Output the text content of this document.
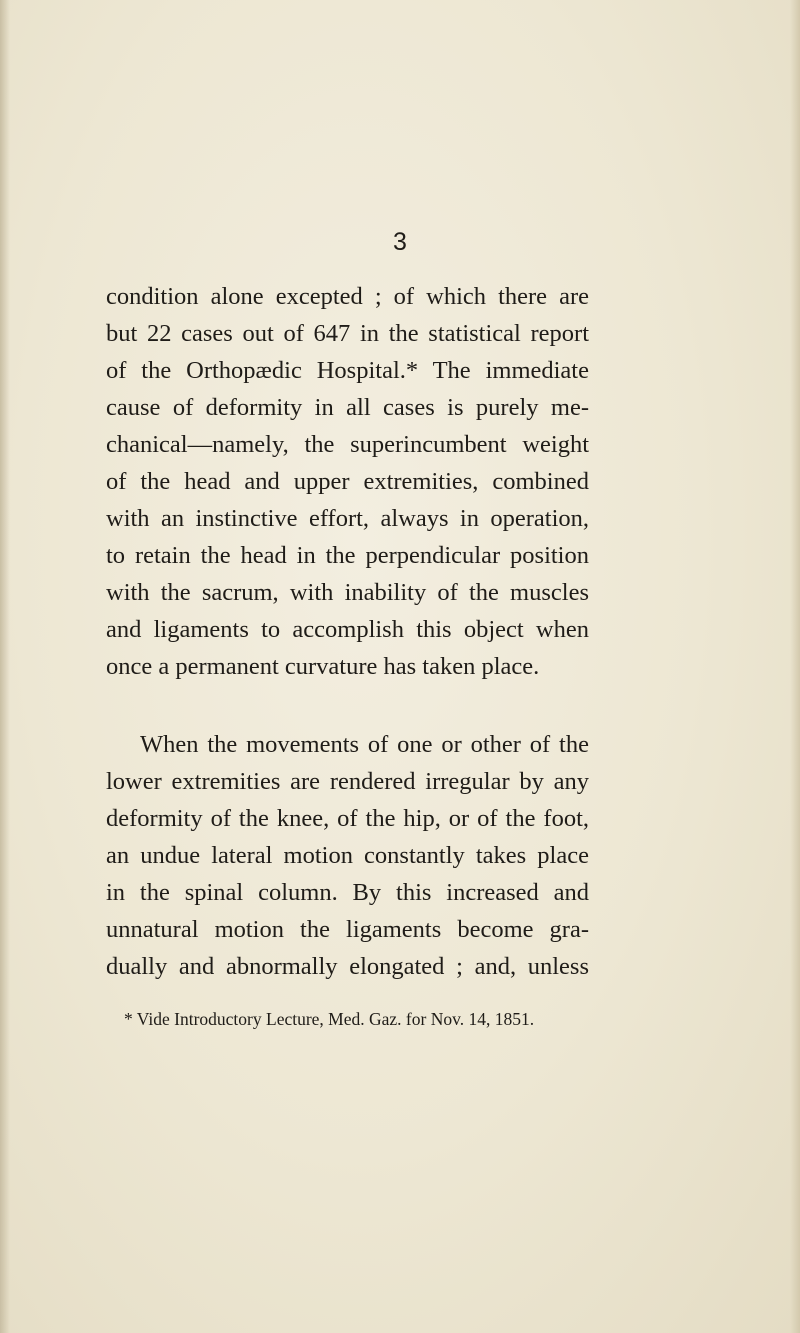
3
condition alone excepted ; of which there are
but 22 cases out of 647 in the statistical report
of the Orthopædic Hospital.* The immediate
cause of deformity in all cases is purely me-
chanical—namely, the superincumbent weight
of the head and upper extremities, combined
with an instinctive effort, always in operation,
to retain the head in the perpendicular position
with the sacrum, with inability of the muscles
and ligaments to accomplish this object when
once a permanent curvature has taken place.
When the movements of one or other of the
lower extremities are rendered irregular by any
deformity of the knee, of the hip, or of the foot,
an undue lateral motion constantly takes place
in the spinal column. By this increased and
unnatural motion the ligaments become gra-
dually and abnormally elongated ; and, unless
* Vide Introductory Lecture, Med. Gaz. for Nov. 14, 1851.
